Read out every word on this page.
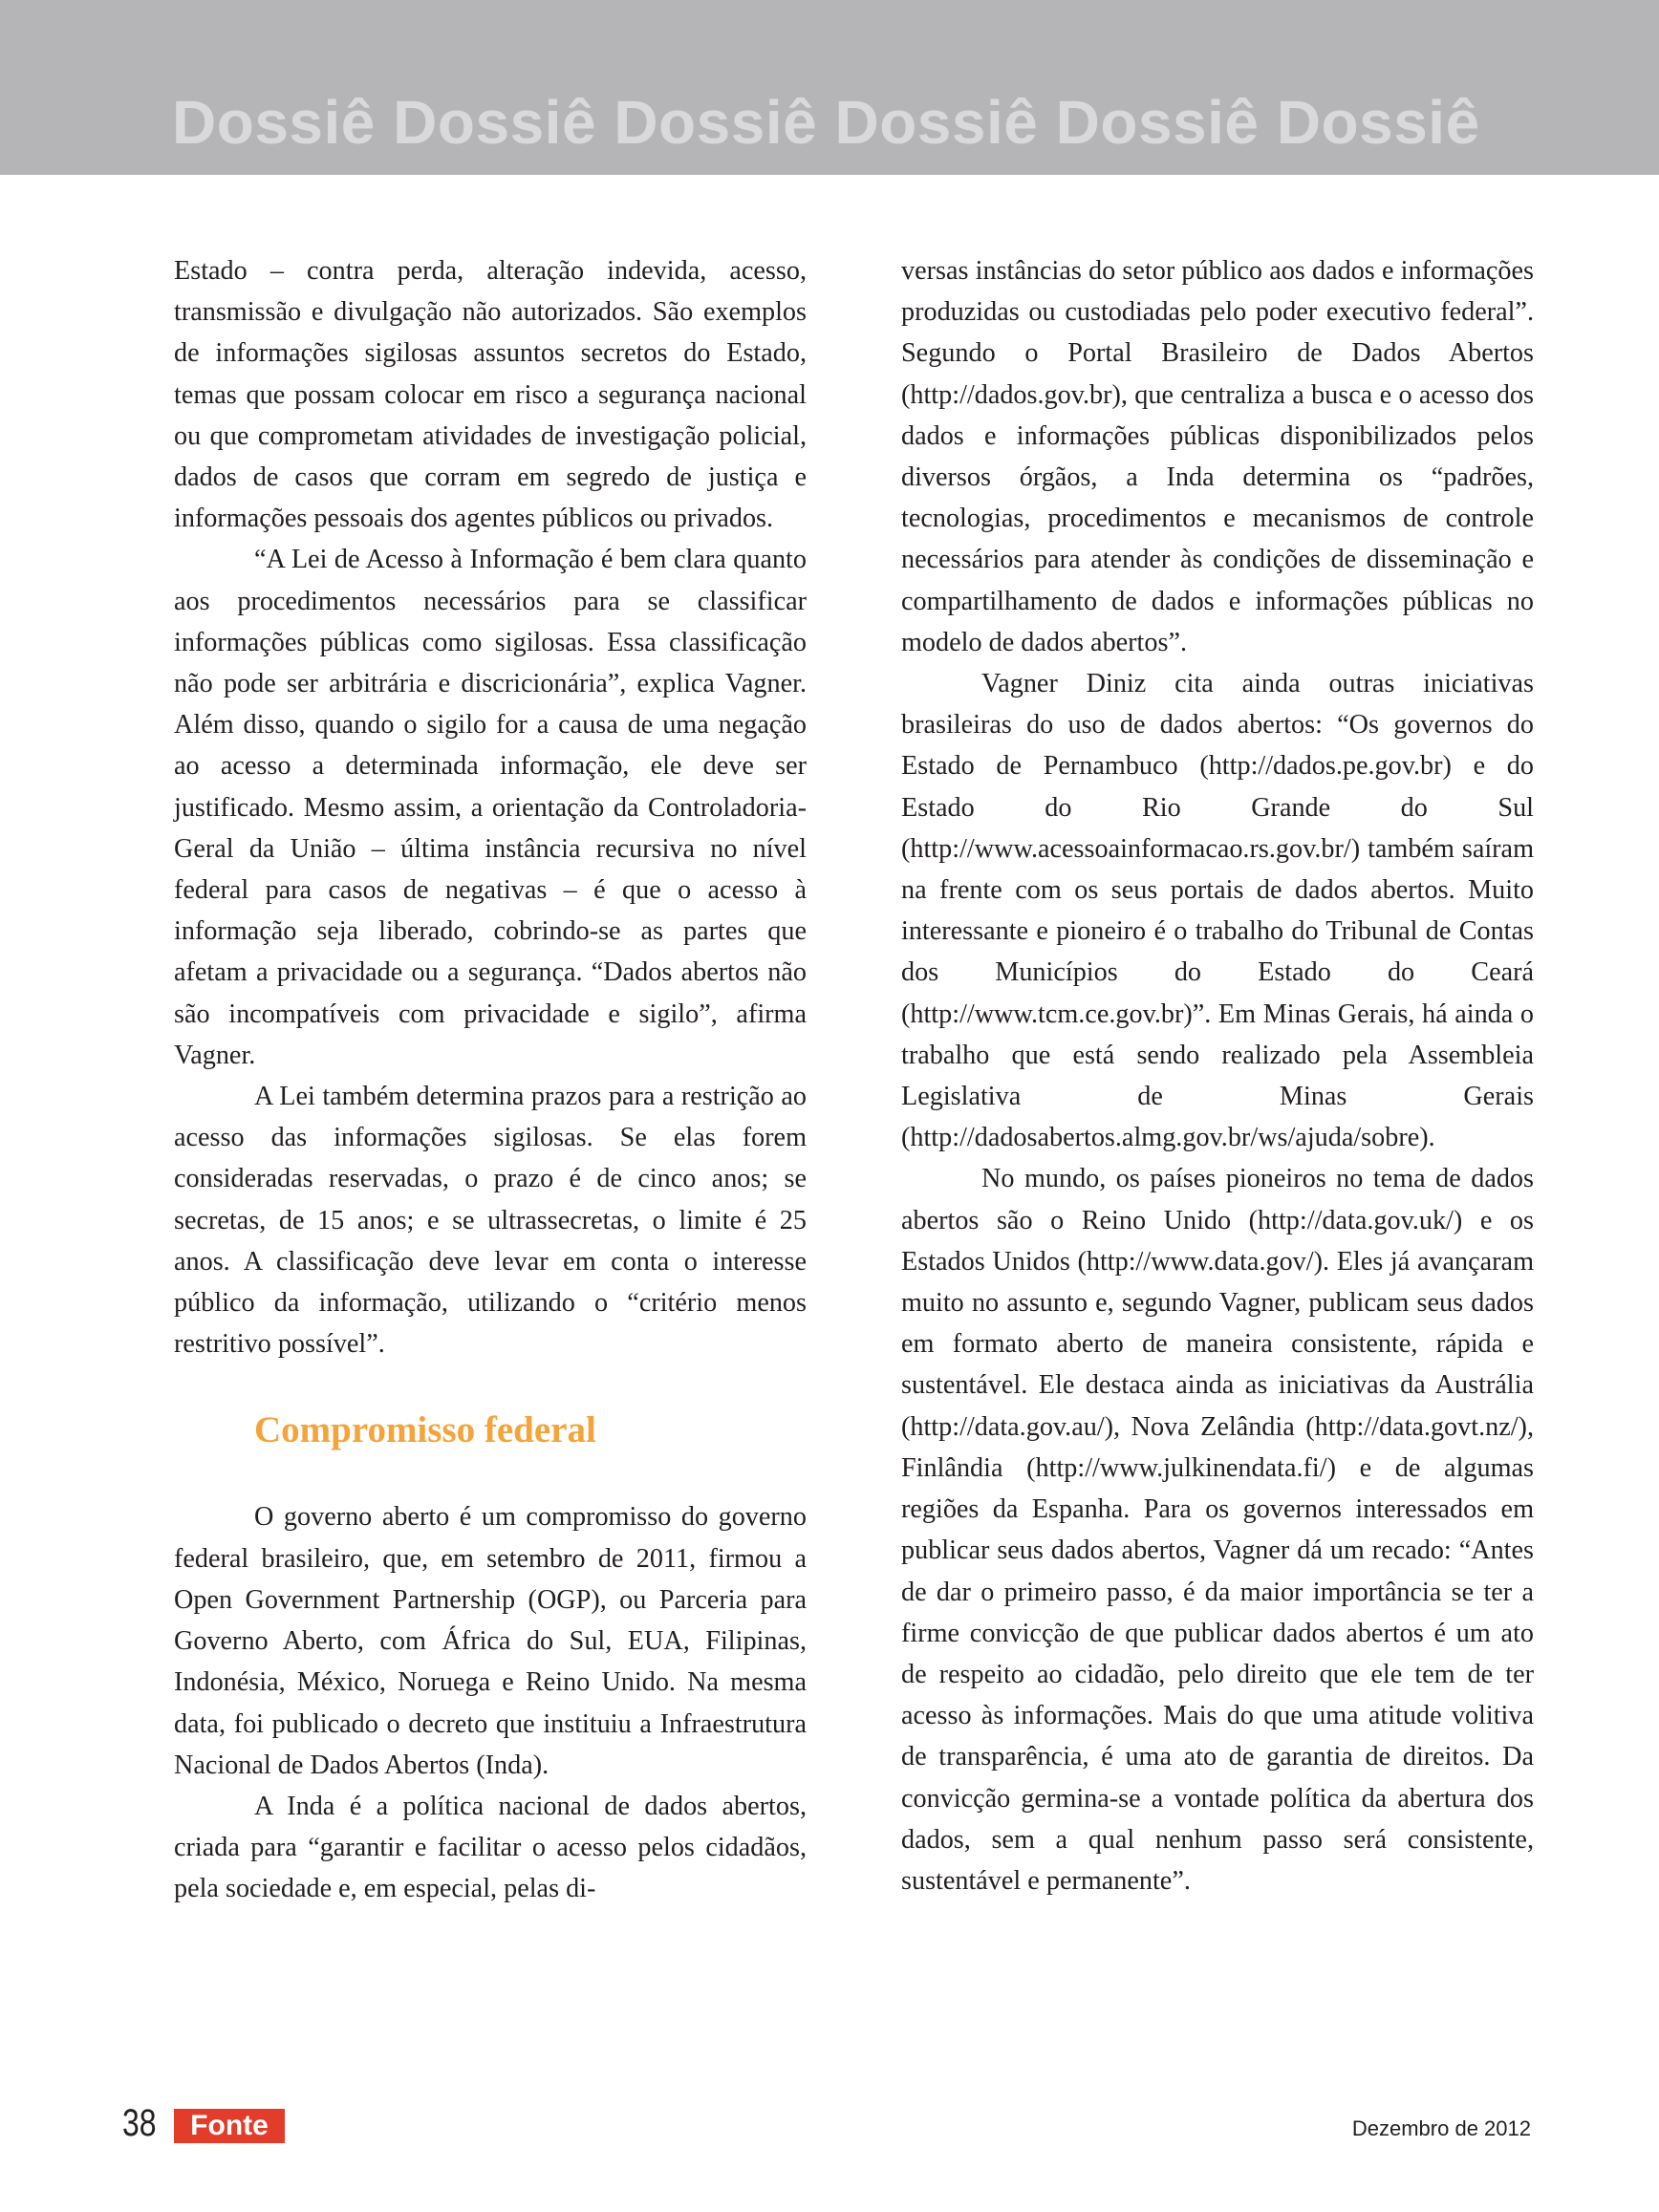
Dossiê Dossiê Dossiê Dossiê Dossiê Dossiê

Estado – contra perda, alteração indevida, acesso, transmissão e divulgação não autorizados. São exemplos de informações sigilosas assuntos secretos do Estado, temas que possam colocar em risco a segurança nacional ou que comprometam atividades de investigação policial, dados de casos que corram em segredo de justiça e informações pessoais dos agentes públicos ou privados.

“A Lei de Acesso à Informação é bem clara quanto aos procedimentos necessários para se classificar informações públicas como sigilosas. Essa classificação não pode ser arbitrária e discricionária”, explica Vagner. Além disso, quando o sigilo for a causa de uma negação ao acesso a determinada informação, ele deve ser justificado. Mesmo assim, a orientação da Controladoria-Geral da União – última instância recursiva no nível federal para casos de negativas – é que o acesso à informação seja liberado, cobrindo-se as partes que afetam a privacidade ou a segurança. “Dados abertos não são incompatíveis com privacidade e sigilo”, afirma Vagner.

A Lei também determina prazos para a restrição ao acesso das informações sigilosas. Se elas forem consideradas reservadas, o prazo é de cinco anos; se secretas, de 15 anos; e se ultrassecretas, o limite é 25 anos. A classificação deve levar em conta o interesse público da informação, utilizando o “critério menos restritivo possível”.

Compromisso federal

O governo aberto é um compromisso do governo federal brasileiro, que, em setembro de 2011, firmou a Open Government Partnership (OGP), ou Parceria para Governo Aberto, com África do Sul, EUA, Filipinas, Indonésia, México, Noruega e Reino Unido. Na mesma data, foi publicado o decreto que instituiu a Infraestrutura Nacional de Dados Abertos (Inda).

A Inda é a política nacional de dados abertos, criada para “garantir e facilitar o acesso pelos cidadãos, pela sociedade e, em especial, pelas di-

versas instâncias do setor público aos dados e informações produzidas ou custodiadas pelo poder executivo federal”. Segundo o Portal Brasileiro de Dados Abertos (http://dados.gov.br), que centraliza a busca e o acesso dos dados e informações públicas disponibilizados pelos diversos órgãos, a Inda determina os “padrões, tecnologias, procedimentos e mecanismos de controle necessários para atender às condições de disseminação e compartilhamento de dados e informações públicas no modelo de dados abertos”.

Vagner Diniz cita ainda outras iniciativas brasileiras do uso de dados abertos: “Os governos do Estado de Pernambuco (http://dados.pe.gov.br) e do Estado do Rio Grande do Sul (http://www.acessoainformacao.rs.gov.br/) também saíram na frente com os seus portais de dados abertos. Muito interessante e pioneiro é o trabalho do Tribunal de Contas dos Municípios do Estado do Ceará (http://www.tcm.ce.gov.br)”. Em Minas Gerais, há ainda o trabalho que está sendo realizado pela Assembleia Legislativa de Minas Gerais (http://dadosabertos.almg.gov.br/ws/ajuda/sobre).

No mundo, os países pioneiros no tema de dados abertos são o Reino Unido (http://data.gov.uk/) e os Estados Unidos (http://www.data.gov/). Eles já avançaram muito no assunto e, segundo Vagner, publicam seus dados em formato aberto de maneira consistente, rápida e sustentável. Ele destaca ainda as iniciativas da Austrália (http://data.gov.au/), Nova Zelândia (http://data.govt.nz/), Finlândia (http://www.julkinendata.fi/) e de algumas regiões da Espanha. Para os governos interessados em publicar seus dados abertos, Vagner dá um recado: “Antes de dar o primeiro passo, é da maior importância se ter a firme convicção de que publicar dados abertos é um ato de respeito ao cidadão, pelo direito que ele tem de ter acesso às informações. Mais do que uma atitude volitiva de transparência, é uma ato de garantia de direitos. Da convicção germina-se a vontade política da abertura dos dados, sem a qual nenhum passo será consistente, sustentável e permanente”.

38	Fonte	Dezembro de 2012
